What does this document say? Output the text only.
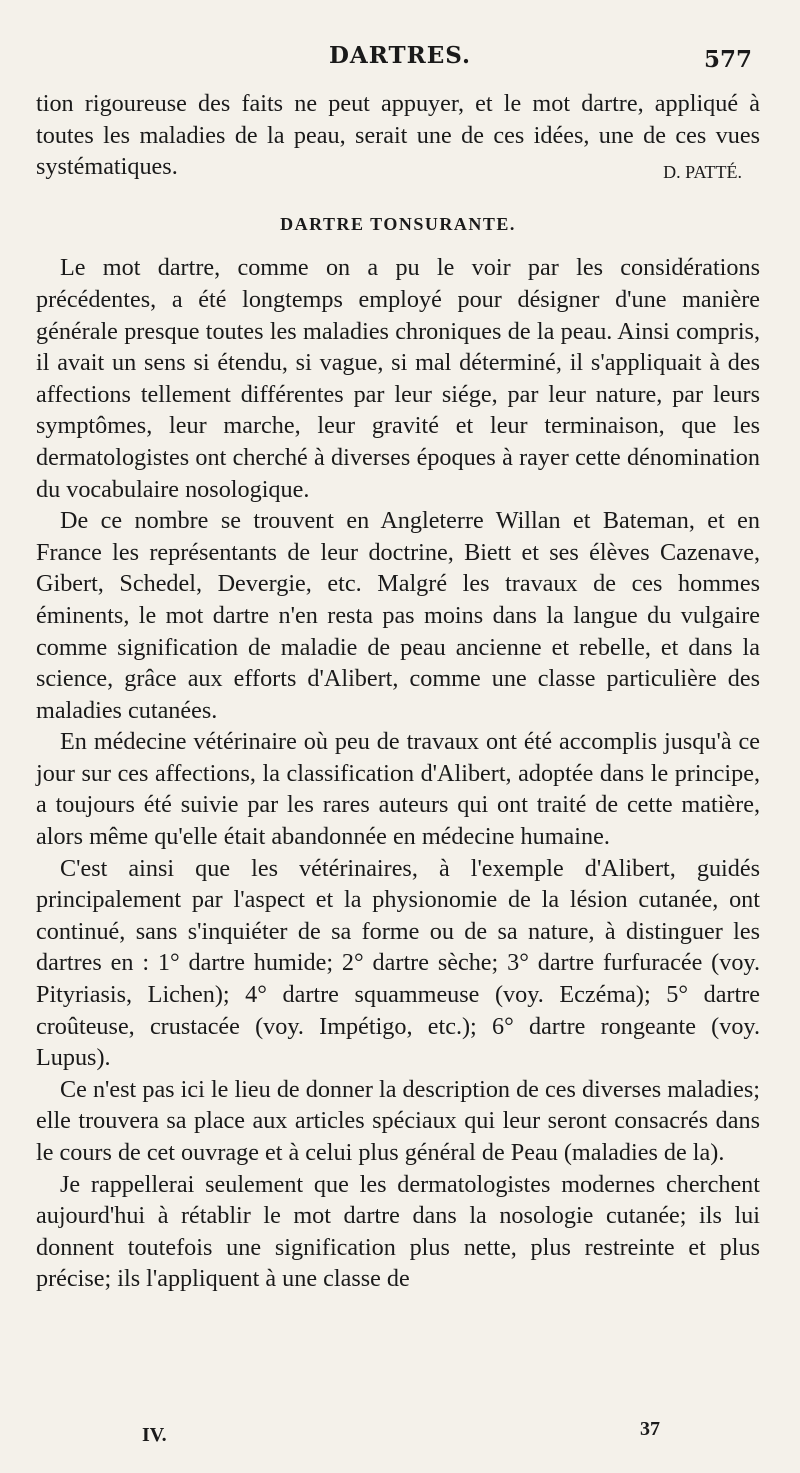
DARTRES.	577

tion rigoureuse des faits ne peut appuyer, et le mot dartre, appliqué à toutes les maladies de la peau, serait une de ces idées, une de ces vues systématiques.	D. PATTÉ.

DARTRE TONSURANTE.

Le mot dartre, comme on a pu le voir par les considérations précédentes, a été longtemps employé pour désigner d'une manière générale presque toutes les maladies chroniques de la peau. Ainsi compris, il avait un sens si étendu, si vague, si mal déterminé, il s'appliquait à des affections tellement différentes par leur siége, par leur nature, par leurs symptômes, leur marche, leur gravité et leur terminaison, que les dermatologistes ont cherché à diverses époques à rayer cette dénomination du vocabulaire nosologique.

De ce nombre se trouvent en Angleterre Willan et Bateman, et en France les représentants de leur doctrine, Biett et ses élèves Cazenave, Gibert, Schedel, Devergie, etc. Malgré les travaux de ces hommes éminents, le mot dartre n'en resta pas moins dans la langue du vulgaire comme signification de maladie de peau ancienne et rebelle, et dans la science, grâce aux efforts d'Alibert, comme une classe particulière des maladies cutanées.

En médecine vétérinaire où peu de travaux ont été accomplis jusqu'à ce jour sur ces affections, la classification d'Alibert, adoptée dans le principe, a toujours été suivie par les rares auteurs qui ont traité de cette matière, alors même qu'elle était abandonnée en médecine humaine.

C'est ainsi que les vétérinaires, à l'exemple d'Alibert, guidés principalement par l'aspect et la physionomie de la lésion cutanée, ont continué, sans s'inquiéter de sa forme ou de sa nature, à distinguer les dartres en : 1° dartre humide; 2° dartre sèche; 3° dartre furfuracée (voy. Pityriasis, Lichen); 4° dartre squammeuse (voy. Eczéma); 5° dartre croûteuse, crustacée (voy. Impétigo, etc.); 6° dartre rongeante (voy. Lupus).

Ce n'est pas ici le lieu de donner la description de ces diverses maladies; elle trouvera sa place aux articles spéciaux qui leur seront consacrés dans le cours de cet ouvrage et à celui plus général de Peau (maladies de la).

Je rappellerai seulement que les dermatologistes modernes cherchent aujourd'hui à rétablir le mot dartre dans la nosologie cutanée; ils lui donnent toutefois une signification plus nette, plus restreinte et plus précise; ils l'appliquent à une classe de

IV.	37
